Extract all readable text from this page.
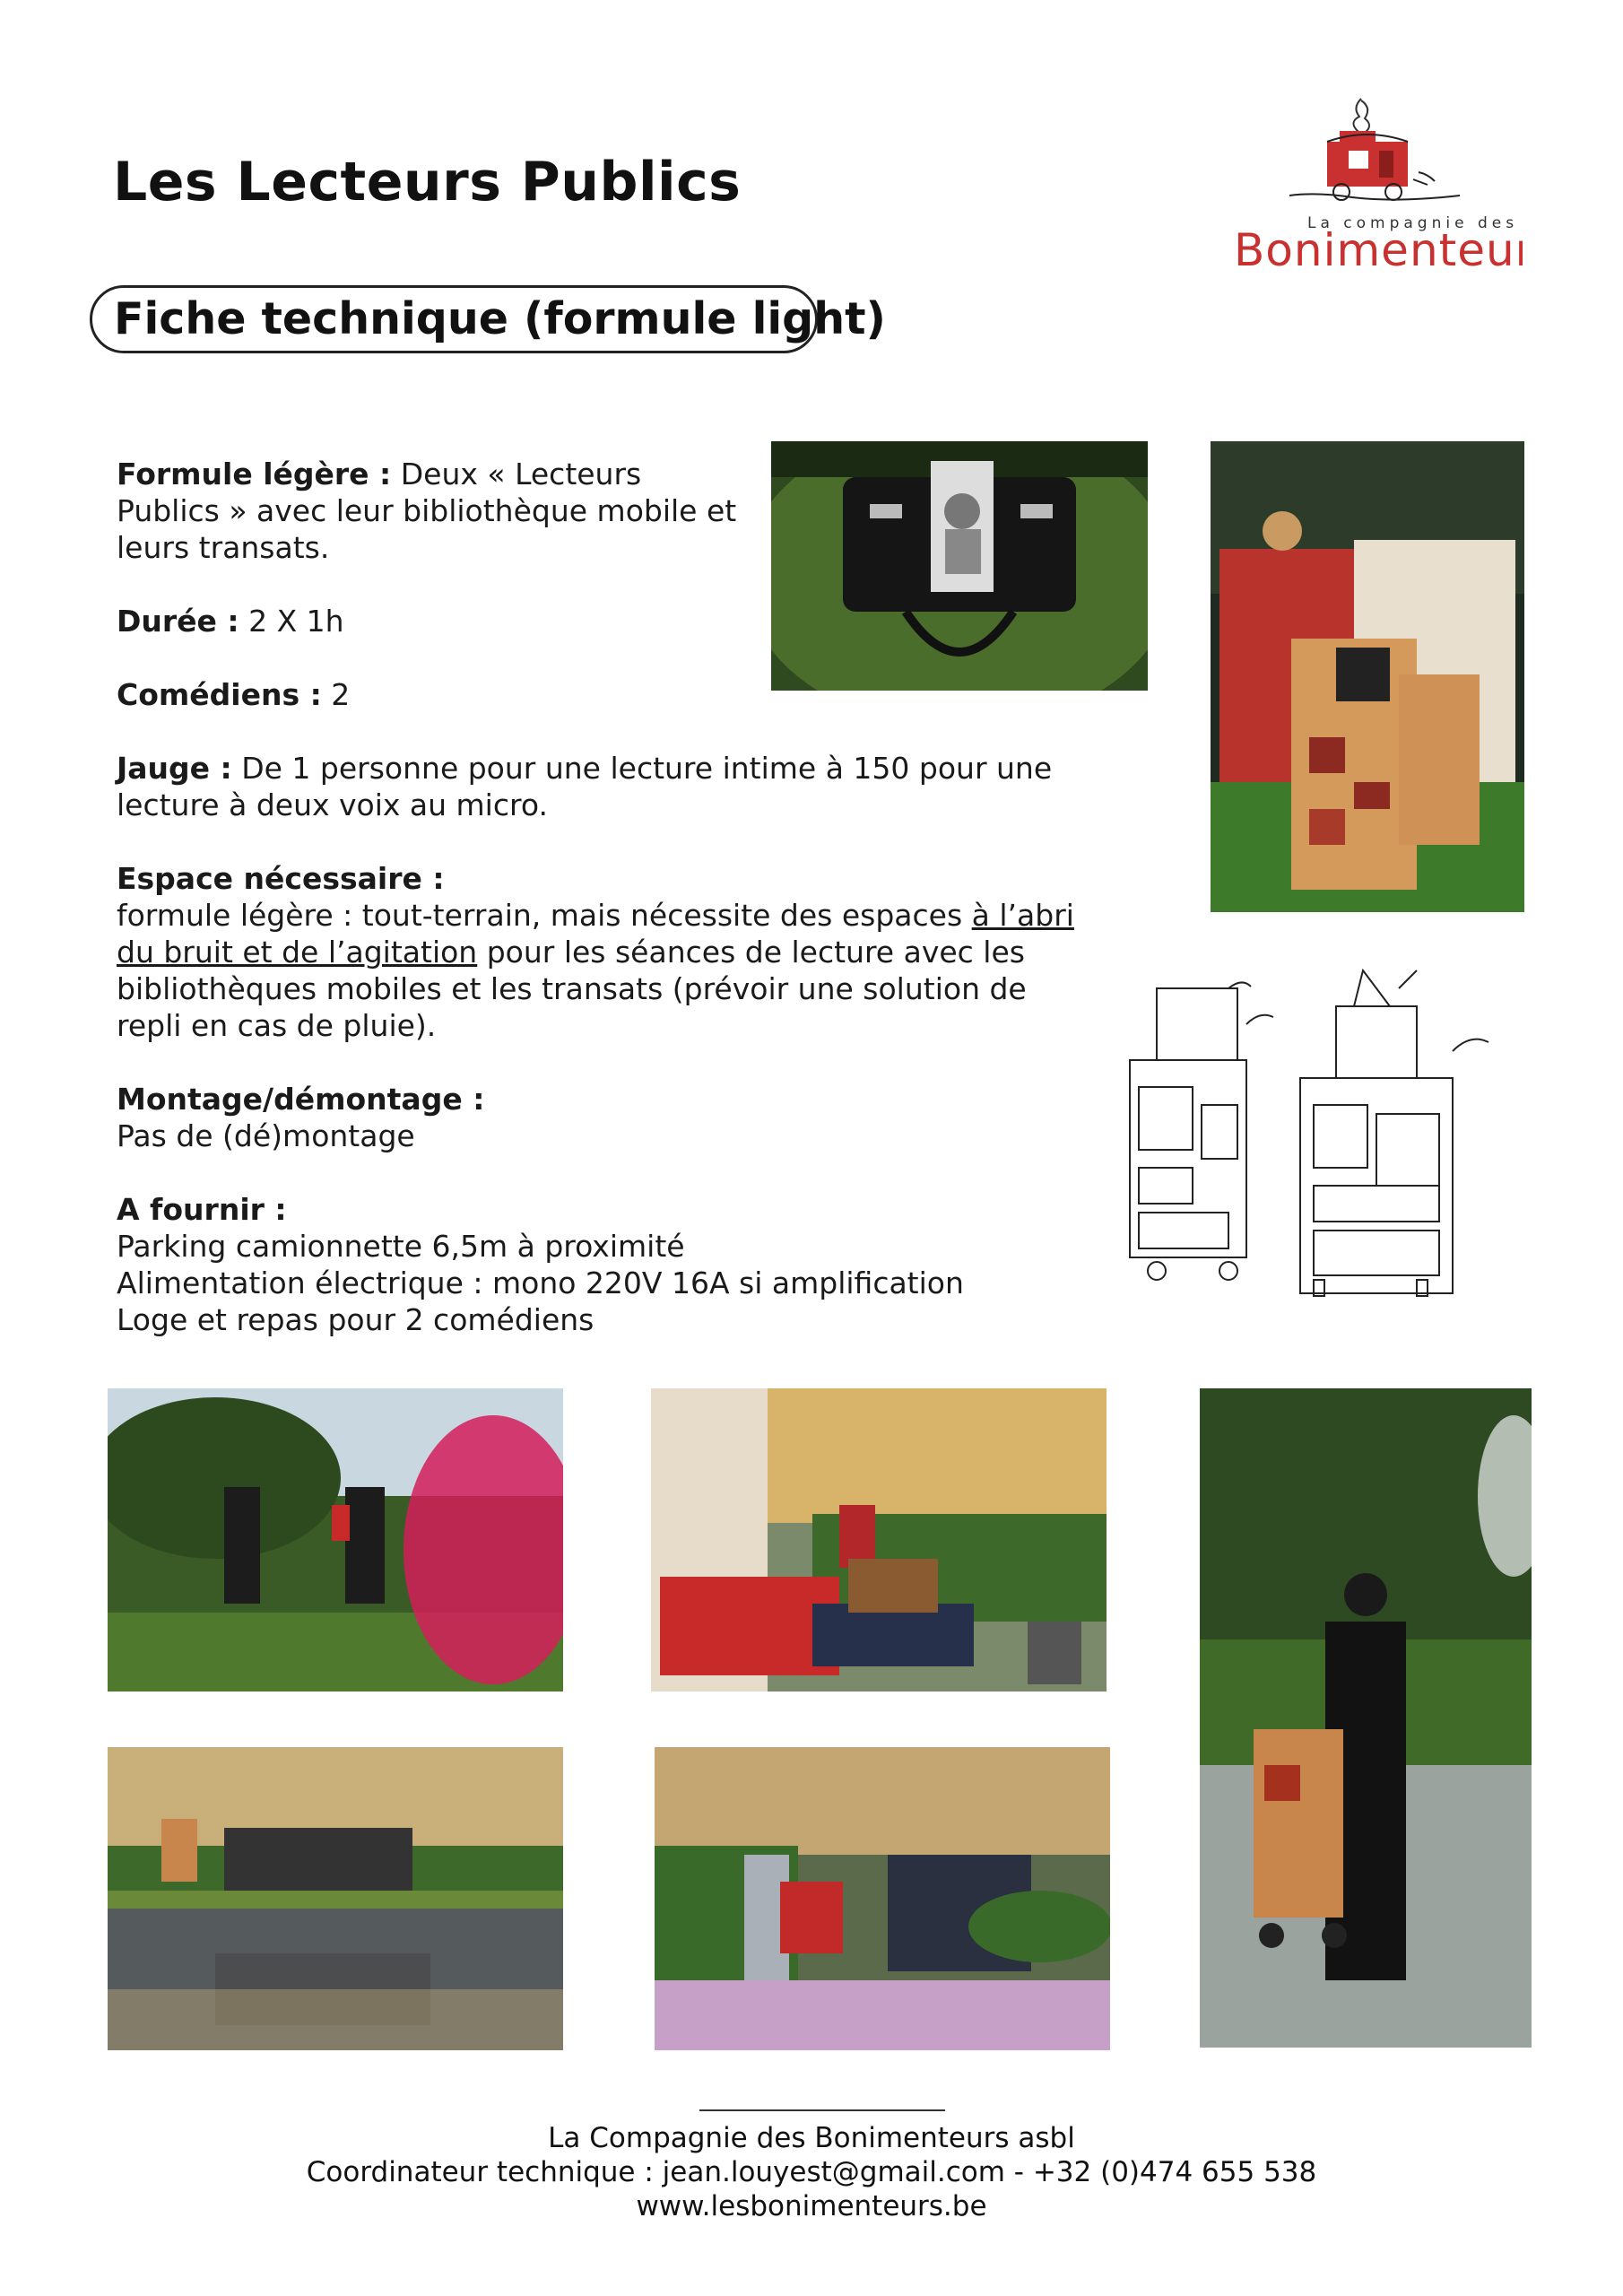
Les Lecteurs Publics
Fiche technique (formule light)
La compagnie des
Bonimenteu

Formule légère : Deux « Lecteurs Publics » avec leur bibliothèque mobile et leurs transats.

Durée : 2 X 1h

Comédiens : 2

Jauge : De 1 personne pour une lecture intime à 150 pour une lecture à deux voix au micro.

Espace nécessaire :
formule légère : tout-terrain, mais nécessite des espaces à l’abri du bruit et de l’agitation pour les séances de lecture avec les bibliothèques mobiles et les transats (prévoir une solution de repli en cas de pluie).

Montage/démontage :
Pas de (dé)montage

A fournir :
Parking camionnette 6,5m à proximité
Alimentation électrique : mono 220V 16A si amplification
Loge et repas pour 2 comédiens

La Compagnie des Bonimenteurs asbl
Coordinateur technique : jean.louyest@gmail.com - +32 (0)474 655 538
www.lesbonimenteurs.be
